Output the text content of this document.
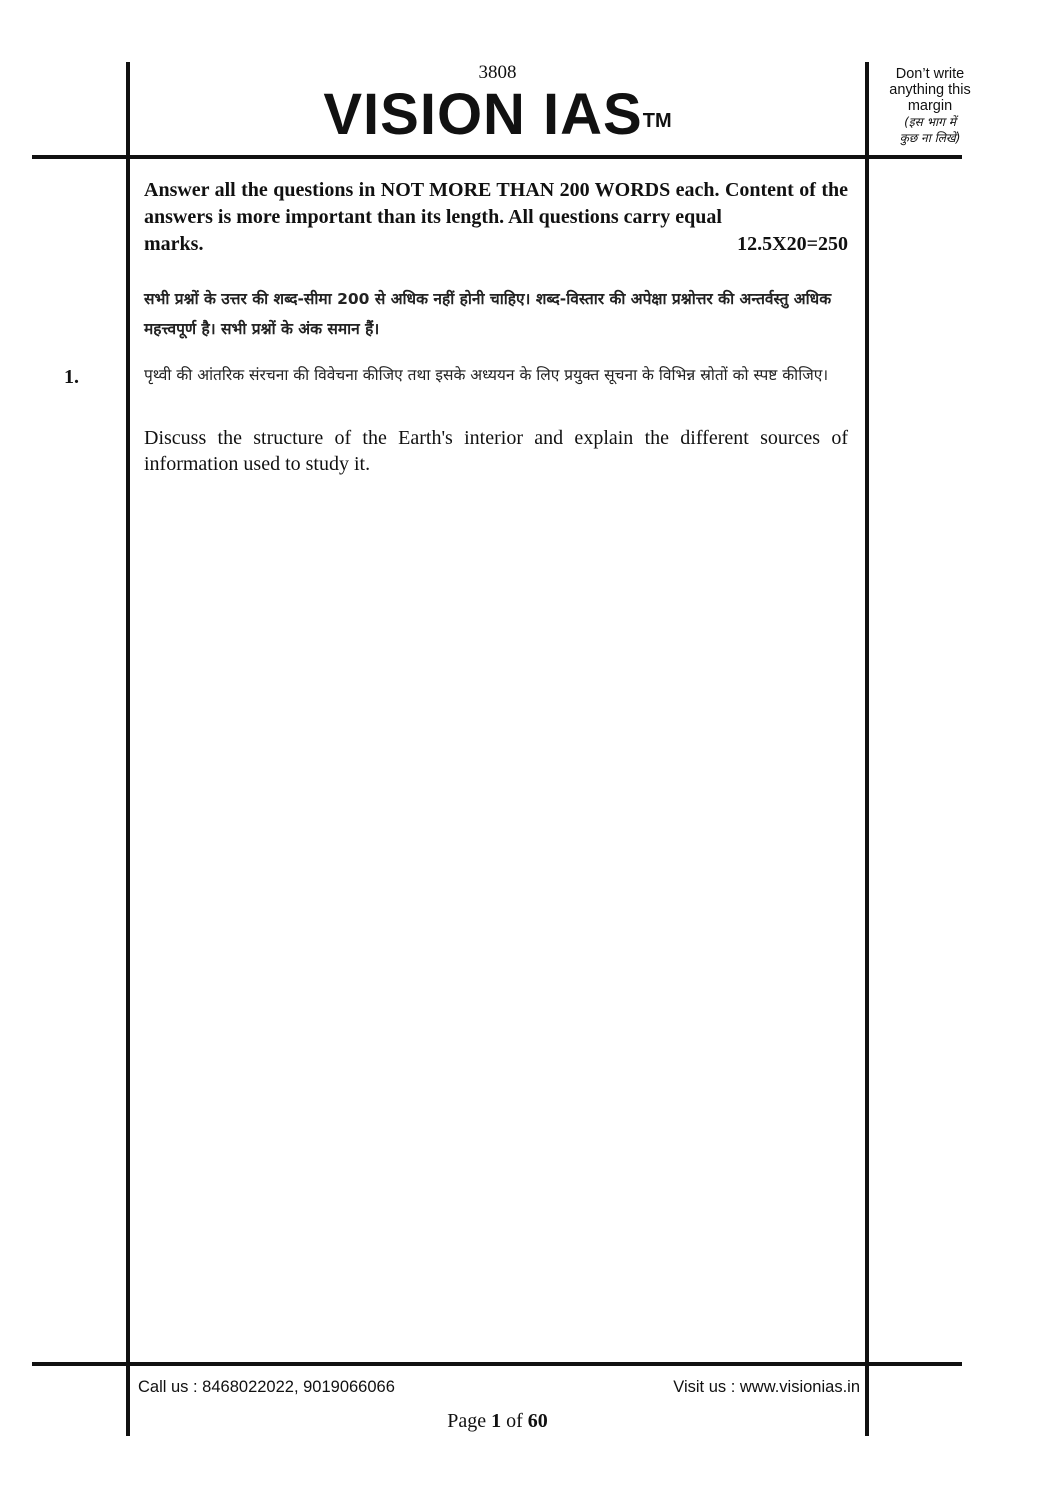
3808
VISION IAS™
Don’t write
anything this
margin
(इस भाग में
कुछ ना लिखें)
Answer all the questions in NOT MORE THAN 200 WORDS each. Content of the answers is more important than its length. All questions carry equal
marks.	12.5X20=250
सभी प्रश्नों के उत्तर की शब्द-सीमा 200 से अधिक नहीं होनी चाहिए। शब्द-विस्तार की अपेक्षा प्रश्नोत्तर की अन्तर्वस्तु अधिक महत्त्वपूर्ण है। सभी प्रश्नों के अंक समान हैं।
1.	पृथ्वी की आंतरिक संरचना की विवेचना कीजिए तथा इसके अध्ययन के लिए प्रयुक्त सूचना के विभिन्न स्रोतों को स्पष्ट कीजिए।
Discuss the structure of the Earth's interior and explain the different sources of information used to study it.
Call us : 8468022022, 9019066066	Visit us : www.visionias.in
Page 1 of 60
